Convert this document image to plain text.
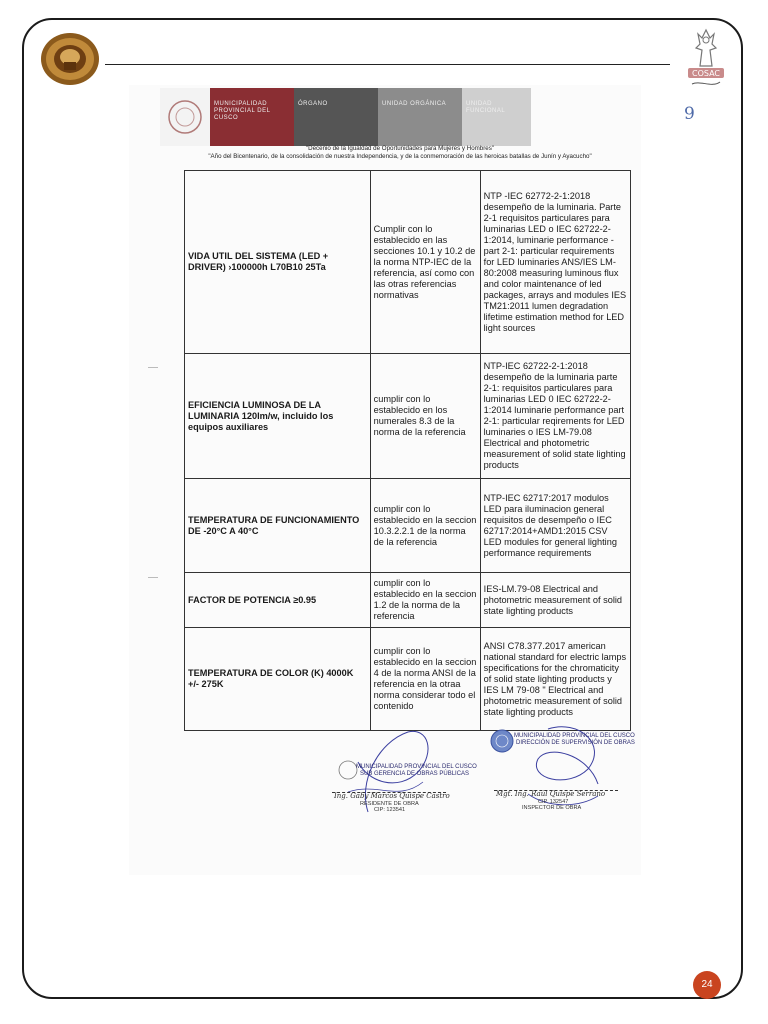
COSAC
MUNICIPALIDAD PROVINCIAL DEL CUSCO
ÓRGANO	UNIDAD ORGÁNICA	UNIDAD FUNCIONAL
"Decenio de la Igualdad de Oportunidades para Mujeres y Hombres"
"Año del Bicentenario, de la consolidación de nuestra Independencia, y de la conmemoración de las heroicas batallas de Junín y Ayacucho"
9
VIDA UTIL DEL SISTEMA (LED + DRIVER) ›100000h L70B10 25Ta	Cumplir con lo establecido en las secciones 10.1 y 10.2 de la norma NTP-IEC de la referencia, así como con las otras referencias normativas	NTP -IEC 62772-2-1:2018 desempeño de la luminaria. Parte 2-1 requisitos particulares para luminarias LED o IEC 62722-2-1:2014, luminarie performance - part 2-1: particular requirements for LED luminaries ANS/IES LM-80:2008 measuring luminous flux and color maintenance of led packages, arrays and modules IES TM21:2011 lumen degradation lifetime estimation method for LED light sources
EFICIENCIA LUMINOSA DE LA LUMINARIA 120lm/w, incluido los equipos auxiliares	cumplir con lo establecido en los numerales 8.3 de la norma de la referencia	NTP-IEC 62722-2-1:2018 desempeño de la luminaria parte 2-1: requisitos particulares para luminarias LED 0 IEC 62722-2-1:2014 luminarie performance part 2-1: particular reqirements for LED luminaries o IES LM-79.08 Electrical and photometric measurement of solid state lighting products
TEMPERATURA DE FUNCIONAMIENTO DE -20°C A 40°C	cumplir con lo establecido en la seccion 10.3.2.2.1 de la norma de la referencia	NTP-IEC 62717:2017 modulos LED para iluminacion general requisitos de desempeño o IEC 62717:2014+AMD1:2015 CSV LED modules for general lighting performance requirements
FACTOR DE POTENCIA ≥0.95	cumplir con lo establecido en la seccion 1.2 de la norma de la referencia	IES-LM.79-08 Electrical and photometric measurement of solid state lighting products
TEMPERATURA DE COLOR (K) 4000K +/- 275K	cumplir con lo establecido en la seccion 4 de la norma ANSI de la referencia en la otraa norma considerar todo el contenido	ANSI C78.377.2017 american national standard for electric lamps specifications for the chromaticity of solid state lighting products y IES LM 79-08 " Electrical and photometric measurement of solid state lighting products
MUNICIPALIDAD PROVINCIAL DEL CUSCO
SUB GERENCIA DE OBRAS PÚBLICAS
Ing. Gaby Marcos Quispe Castro
RESIDENTE DE OBRA
CIP: 123541
MUNICIPALIDAD PROVINCIAL DEL CUSCO
DIRECCIÓN DE SUPERVISIÓN DE OBRAS
Mgt. Ing. Raúl Quispe Serrano
CIP. 132547
INSPECTOR DE OBRA
24
